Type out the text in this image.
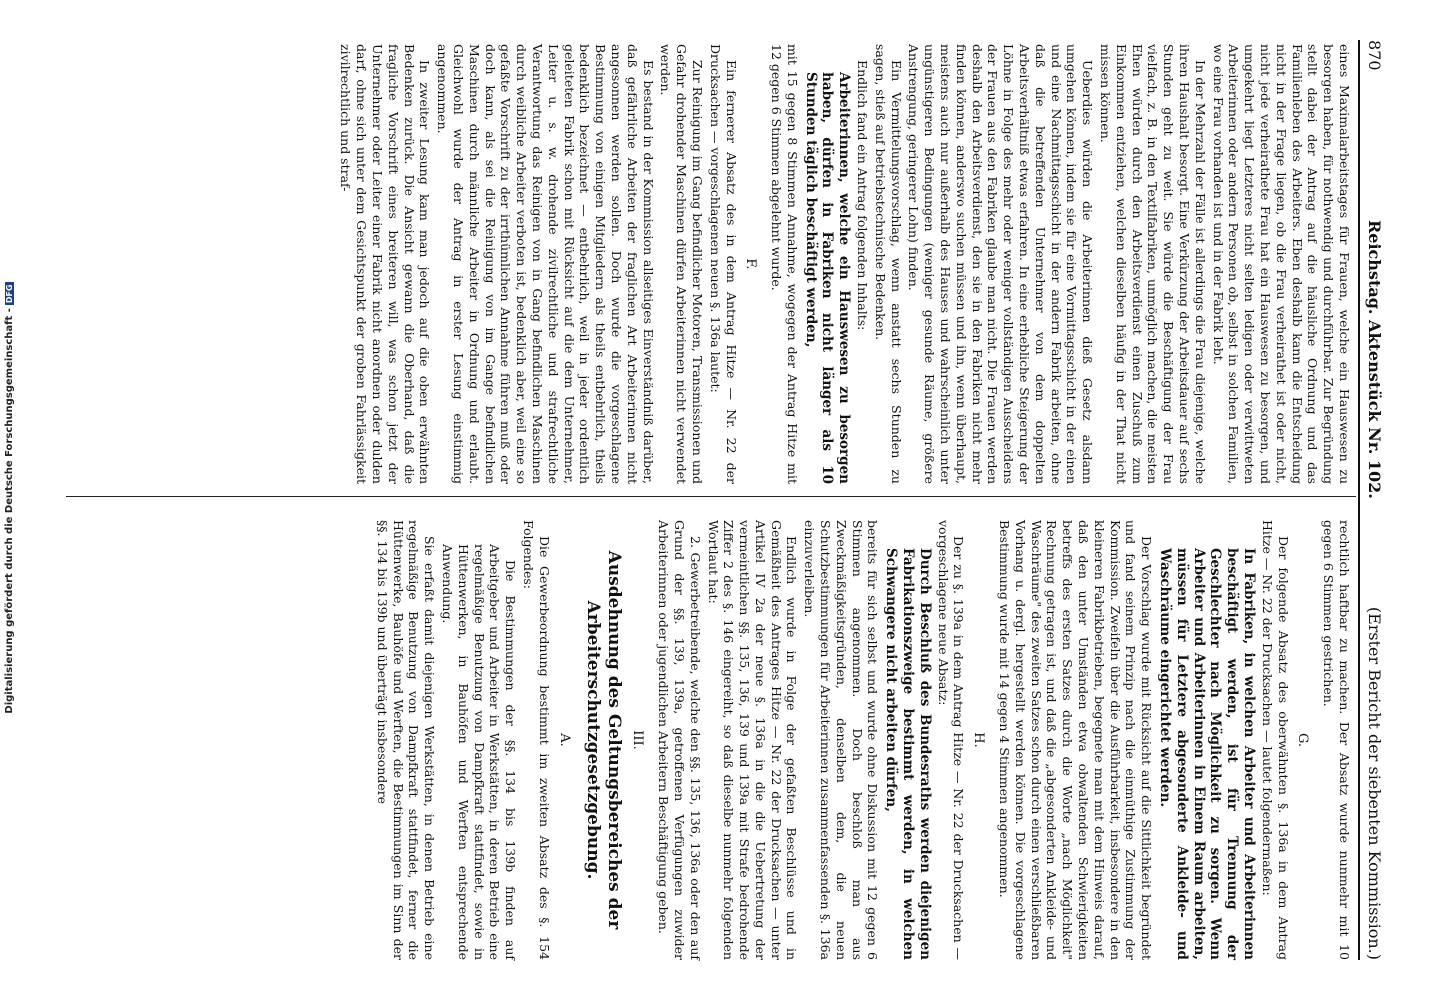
870
Reichstag. Aktenstück Nr. 102.
(Erster Bericht der siebenten Kommission.)

eines Maximalarbeitstages für Frauen, welche ein Hauswesen zu besorgen haben, für nothwendig und durchführbar. Zur Begründung stellt dabei der Antrag auf die häusliche Ordnung und das Familienleben des Arbeiters. Eben deshalb kann die Entscheidung nicht in der Frage liegen, ob die Frau verheirathet ist oder nicht, nicht jede verheirathete Frau hat ein Hauswesen zu besorgen, und umgekehrt liegt Letzteres nicht selten ledigen oder verwittweten Arbeiterinnen oder andern Personen ob, selbst in solchen Familien, wo eine Frau vorhanden ist und in der Fabrik lebt.

In der Mehrzahl der Fälle ist allerdings die Frau diejenige, welche ihren Haushalt besorgt. Eine Verkürzung der Arbeitsdauer auf sechs Stunden geht zu weit. Sie würde die Beschäftigung der Frau vielfach, z. B. in den Textilfabriken, unmöglich machen, die meisten Ehen würden durch den Arbeitsverdienst einen Zuschuß zum Einkommen entziehen, welchen dieselben häufig in der That nicht missen können.

Ueberdies würden die Arbeiterinnen dieß Gesetz alsdann umgehen können, indem sie für eine Vormittagsschicht in der einen und eine Nachmittagsschicht in der andern Fabrik arbeiten, ohne daß die betreffenden Unternehmer von dem doppelten Arbeitsverhältniß etwas erfahren. In eine erhebliche Steigerung der Löhne in Folge des mehr oder weniger vollständigen Ausscheidens der Frauen aus den Fabriken glaube man nicht. Die Frauen werden deshalb den Arbeitsverdienst, den sie in den Fabriken nicht mehr finden können, anderswo suchen müssen und ihn, wenn überhaupt, meistens auch nur außerhalb des Hauses und wahrscheinlich unter ungünstigeren Bedingungen (weniger gesunde Räume, größere Anstrengung, geringerer Lohn) finden.

Ein Vermittelungsvorschlag, wenn anstatt sechs Stunden zu sagen, stieß auf betriebstechnische Bedenken.

Endlich fand ein Antrag folgenden Inhalts:

Arbeiterinnen, welche ein Hauswesen zu besorgen haben, dürfen in Fabriken nicht länger als 10 Stunden täglich beschäftigt werden,

mit 15 gegen 8 Stimmen Annahme, wogegen der Antrag Hitze mit 12 gegen 6 Stimmen abgelehnt wurde.

F.

Ein fernerer Absatz des in dem Antrag Hitze — Nr. 22 der Drucksachen — vorgeschlagenen neuen §. 136a lautet:

Zur Reinigung im Gang befindlicher Motoren, Transmissionen und Gefahr drohender Maschinen dürfen Arbeiterinnen nicht verwendet werden.

Es bestand in der Kommission allseitiges Einverständniß darüber, daß gefährliche Arbeiten der fraglichen Art Arbeiterinnen nicht angesonnen werden sollen. Doch wurde die vorgeschlagene Bestimmung von einigen Mitgliedern als theils entbehrlich, theils bedenklich bezeichnet — entbehrlich, weil in jeder ordentlich geleiteten Fabrik schon mit Rücksicht auf die dem Unternehmer, Leiter u. s. w. drohende zivilrechtliche und strafrechtliche Verantwortung das Reinigen von in Gang befindlichen Maschinen durch weibliche Arbeiter verboten ist, bedenklich aber, weil eine so gefaßte Vorschrift zu der irrthümlichen Annahme führen muß oder doch kann, als sei die Reinigung von im Gange befindlichen Maschinen durch männliche Arbeiter in Ordnung und erlaubt. Gleichwohl wurde der Antrag in erster Lesung einstimmig angenommen.

In zweiter Lesung kam man jedoch auf die oben erwähnten Bedenken zurück. Die Ansicht gewann die Oberhand, daß die fragliche Vorschrift eines breiteren will, was schon jetzt der Unternehmer oder Leiter einer Fabrik nicht anordnen oder dulden darf, ohne sich unter dem Gesichtspunkt der groben Fahrlässigkeit zivilrechtlich und straf-

rechtlich haftbar zu machen. Der Absatz wurde nunmehr mit 10 gegen 6 Stimmen gestrichen.

G.

Der folgende Absatz des oberwähnten §. 136a in dem Antrag Hitze — Nr. 22 der Drucksachen — lautet folgendermaßen:

In Fabriken, in welchen Arbeiter und Arbeiterinnen beschäftigt werden, ist für Trennung der Geschlechter nach Möglichkeit zu sorgen. Wenn Arbeiter und Arbeiterinnen in Einem Raum arbeiten, müssen für Letztere abgesonderte Ankleide- und Waschräume eingerichtet werden.

Der Vorschlag wurde mit Rücksicht auf die Sittlichkeit begründet und fand seinem Prinzip nach die einmüthige Zustimmung der Kommission. Zweifeln über die Ausführbarkeit, insbesondere in den kleineren Fabrikbetrieben, begegnete man mit dem Hinweis darauf, daß den unter Umständen etwa obwaltenden Schwierigkeiten betreffs des ersten Satzes durch die Worte „nach Möglichkeit" Rechnung getragen ist, und daß die „abgesonderten Ankleide- und Waschräume" des zweiten Satzes schon durch einen verschließbaren Vorhang u. dergl. hergestellt werden können. Die vorgeschlagene Bestimmung wurde mit 14 gegen 4 Stimmen angenommen.

H.

Der zu §. 139a in dem Antrag Hitze — Nr. 22 der Drucksachen — vorgeschlagene neue Absatz:

Durch Beschluß des Bundesraths werden diejenigen Fabrikationszweige bestimmt werden, in welchen Schwangere nicht arbeiten dürfen,

bereits für sich selbst und wurde ohne Diskussion mit 12 gegen 6 Stimmen angenommen. Doch beschloß man aus Zweckmäßigkeitsgründen, denselben dem, die neuen Schutzbestimmungen für Arbeiterinnen zusammenfassenden §. 136a einzuverleiben.

Endlich wurde in Folge der gefaßten Beschlüsse und in Gemäßheit des Antrages Hitze — Nr. 22 der Drucksachen — unter Artikel IV 2a der neue §. 136a in die die Uebertretung der vermeintlichen §§. 135, 136, 139 und 139a mit Strafe bedrohende Ziffer 2 des §. 146 eingereiht, so daß dieselbe nunmehr folgenden Wortlaut hat:

2. Gewerbetreibende, welche den §§. 135, 136, 136a oder den auf Grund der §§. 139, 139a, getroffenen Verfügungen zuwider Arbeiterinnen oder jugendlichen Arbeitern Beschäftigung geben.

III.
Ausdehnung des Geltungsbereiches der Arbeiterschutzgesetzgebung.
A.

Die Gewerbeordnung bestimmt im zweiten Absatz des §. 154 Folgendes:

Die Bestimmungen der §§. 134 bis 139b finden auf Arbeitgeber und Arbeiter in Werkstätten, in deren Betrieb eine regelmäßige Benutzung von Dampfkraft stattfindet, sowie in Hüttenwerken, in Bauhöfen und Werften entsprechende Anwendung.

Sie erfaßt damit diejenigen Werkstätten, in denen Betrieb eine regelmäßige Benutzung von Dampfkraft stattfindet, ferner die Hüttenwerke, Bauhöfe und Werften, die Bestimmungen im Sinn der §§. 134 bis 139b und überträgt insbesondere

Digitalisierung gefördert durch die Deutsche Forschungsgemeinschaft -DFG
